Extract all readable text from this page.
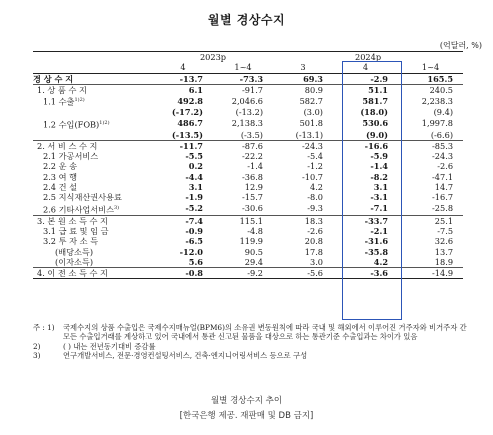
월별 경상수지
(억달러, %)
	2023p		2024p		
	4	1~4	3	4	1~4
경 상 수 지	-13.7	-73.3	69.3	-2.9	165.5
1. 상 품 수 지	6.1	-91.7	80.9	51.1	240.5
1.1 수출$^{1)2)}$	492.8	2,046.6	582.7	581.7	2,238.3
	(-17.2)	(-13.2)	(3.0)	(18.0)	(9.4)
1.2 수입(FOB)$^{1)2)}$	486.7	2,138.3	501.8	530.6	1,997.8
	(-13.5)	(-3.5)	(-13.1)	(9.0)	(-6.6)
2. 서 비 스 수 지	-11.7	-87.6	-24.3	-16.6	-85.3
2.1 가공서비스	-5.5	-22.2	-5.4	-5.9	-24.3
2.2 운 송	0.2	-1.4	-1.2	-1.4	-2.6
2.3 여 행	-4.4	-36.8	-10.7	-8.2	-47.1
2.4 건 설	3.1	12.9	4.2	3.1	14.7
2.5 지식재산권사용료	-1.9	-15.7	-8.0	-3.1	-16.7
2.6 기타사업서비스$^{3)}$	-5.2	-30.6	-9.3	-7.1	-25.8
3. 본 원 소 득 수 지	-7.4	115.1	18.3	-33.7	25.1
3.1 급 료 및 임 금	-0.9	-4.8	-2.6	-2.1	-7.5
3.2 투 자 소 득	-6.5	119.9	20.8	-31.6	32.6
(배당소득)	-12.0	90.5	17.8	-35.8	13.7
(이자소득)	5.6	29.4	3.0	4.2	18.9
4. 이 전 소 득 수 지	-0.8	-9.2	-5.6	-3.6	-14.9
주 : 1)	국제수지의 상품 수출입은 국제수지매뉴얼(BPM6)의 소유권 변동원칙에 따라 국내 및 해외에서 이루어진 거주자와 비거주자 간 모든 수출입거래를 계상하고 있어 국내에서 통관 신고된 물품을 대상으로 하는 통관기준 수출입과는 차이가 있음
2)	( ) 내는 전년동기대비 증감률
3)	연구개발서비스, 전문·경영컨설팅서비스, 건축·엔지니어링서비스 등으로 구성
월별 경상수지 추이
[한국은행 제공. 재판매 및 DB 금지]
